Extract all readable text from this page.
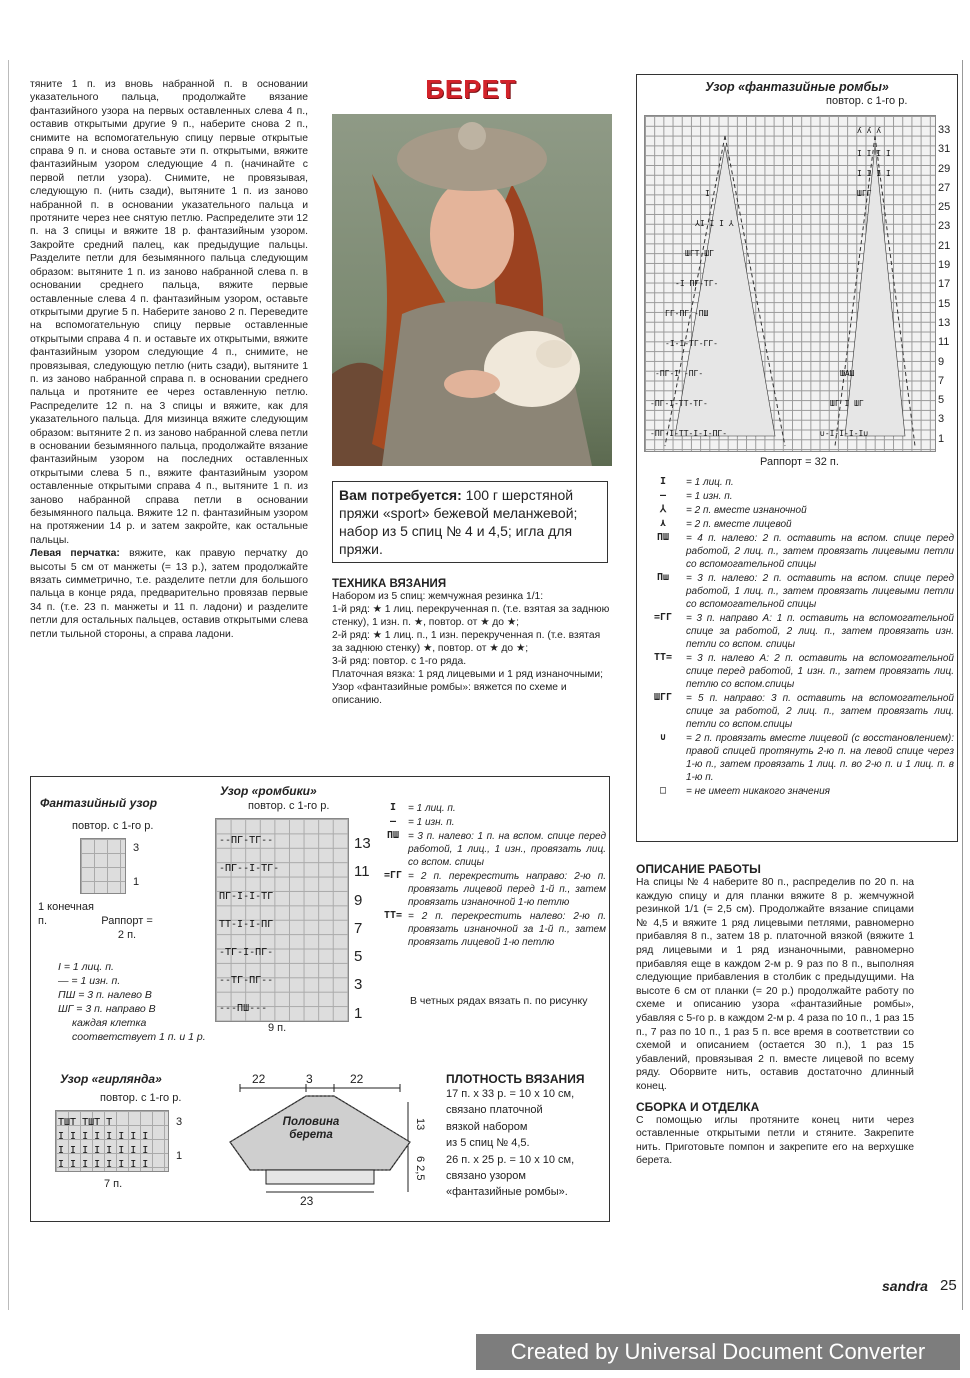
тяните 1 п. из вновь набранной п. в основании указательного пальца, продолжайте вязание фантазийного узора на первых оставленных слева 4 п., оставив открытыми другие 9 п., наберите снова 2 п., снимите на вспомогательную спицу первые открытые справа 9 п. и снова оставьте эти п. открытыми, вяжите фантазийным узором следующие 4 п. (начинайте с первой петли узора). Снимите, не провязывая, следующую п. (нить сзади), вытяните 1 п. из заново набранной п. в основании указательного пальца и протяните через нее снятую петлю. Распределите эти 12 п. на 3 спицы и вяжите 18 р. фантазийным узором. Закройте средний палец, как предыдущие пальцы. Разделите петли для безымянного пальца следующим образом: вытяните 1 п. из заново набранной слева п. в основании среднего пальца, вяжите первые оставленные слева 4 п. фантазийным узором, оставьте открытыми другие 5 п. Наберите заново 2 п. Переведите на вспомогательную спицу первые оставленные открытыми справа 4 п. и оставьте их открытыми, вяжите фантазийным узором следующие 4 п., снимите, не провязывая, следующую петлю (нить сзади), вытяните 1 п. из заново набранной справа п. в основании среднего пальца и протяните ее через оставленную петлю. Распределите 12 п. на 3 спицы и вяжите, как для указательного пальца. Для мизинца вяжите следующим образом: вытяните 2 п. из заново набранной слева петли в основании безымянного пальца, продолжайте вязание фантазийным узором на последних оставленных открытыми слева 5 п., вяжите фантазийным узором оставленные открытыми справа 4 п., вытяните 1 п. из заново набранной справа петли в основании безымянного пальца. Вяжите 12 п. фантазийным узором на протяжении 14 р. и затем закройте, как остальные пальцы.

Левая перчатка: вяжите, как правую перчатку до высоты 5 см от манжеты (= 13 р.), затем продолжайте вязать симметрично, т.е. разделите петли для большого пальца в конце ряда, предварительно провязав первые 34 п. (т.е. 23 п. манжеты и 11 п. ладони) и разделите петли для остальных пальцев, оставив открытыми слева петли тыльной стороны, а справа ладони.

БЕРЕТ
Вам потребуется: 100 г шерстяной пряжи «sport» бежевой меланжевой; набор из 5 спиц № 4 и 4,5; игла для пряжи.
ТЕХНИКА ВЯЗАНИЯ
Набором из 5 спиц: жемчужная резинка 1/1:
1-й ряд: ★ 1 лиц. перекрученная п. (т.е. взятая за заднюю стенку), 1 изн. п. ★, повтор. от ★ до ★;
2-й ряд: ★ 1 лиц. п., 1 изн. перекрученная п. (т.е. взятая за заднюю стенку) ★, повтор. от ★ до ★;
3-й ряд: повтор. с 1-го ряда.
Платочная вязка: 1 ряд лицевыми и 1 ряд изнаночными;
Узор «фантазийные ромбы»: вяжется по схеме и описанию.
Узор «фантазийные ромбы»
повтор. с 1-го р.
ʎ ʎ ʎ
I I I I
I I I I
ШГГ
I
⅄I I I ⅄
ШГТ ШГ
-I ПГ-ТГ-
ГГ-ПГ -ПШ
-I-I-ТГ-ГГ-
-ПГ-I -ПГ-
-ПГ-I-ТТ-ТГ-
-ПГ-I-ТТ-I-I-ПГ-
ШАШ
ШГ I ШГ
∪-I-I-I-I∪
33
31
29
27
25
23
21
19
17
15
13
11
9
7
5
3
1
Раппорт = 32 п.
I	= 1 лиц. п.
—	= 1 изн. п.
⅄	= 2 п. вместе изнаночной
⋏	= 2 п. вместе лицевой
ПШ	= 4 п. налево: 2 п. оставить на вспом. спице перед работой, 2 лиц. п., затем провязать лицевыми петли со вспомогательной спицы
Пш	= 3 п. налево: 2 п. оставить на вспом. спице перед работой, 1 лиц. п., затем провязать лицевыми петли со вспомогательной спицы
=ГГ	= 3 п. направо А: 1 п. оставить на вспомогательной спице за работой, 2 лиц. п., затем провязать изн. петли со вспом. спицы
ТТ=	= 3 п. налево А: 2 п. оставить на вспомогательной спице перед работой, 1 изн. п., затем провязать лиц. петлю со вспом.спицы
ШГГ	= 5 п. направо: 3 п. оставить на вспомогательной спице за работой, 2 лиц. п., затем провязать лиц. петли со вспом.спицы
∪	= 2 п. провязать вместе лицевой (с восстановлением): правой спицей протянуть 2-ю п. на левой спице через 1-ю п., затем провязать 1 лиц. п. во 2-ю п. и 1 лиц. п. в 1-ю п.
□	= не имеет никакого значения
ОПИСАНИЕ РАБОТЫ
На спицы № 4 наберите 80 п., распределив по 20 п. на каждую спицу и для планки вяжите 8 р. жемчужной резинкой 1/1 (= 2,5 см). Продолжайте вязание спицами № 4,5 и вяжите 1 ряд лицевыми петлями, равномерно прибавляя 8 п., затем 18 р. платочной вязкой (вяжите 1 ряд лицевыми и 1 ряд изнаночными, равномерно прибавляя еще в каждом 2-м р. 9 раз по 8 п., выполняя следующие прибавления в столбик с предыдущими. На высоте 6 см от планки (= 20 р.) продолжайте работу по схеме и описанию узора «фантазийные ромбы», убавляя с 5-го р. в каждом 2-м р. 4 раза по 10 п., 1 раз 15 п., 7 раз по 10 п., 1 раз 5 п. все время в соответствии со схемой и описанием (остается 30 п.), 1 раз 15 убавлений, провязывая 2 п. вместе лицевой по всему ряду. Оборвите нить, оставив достаточно длинный конец.
СБОРКА И ОТДЕЛКА
С помощью иглы протяните конец нити через оставленные открытыми петли и стяните. Закрепите нить. Приготовьте помпон и закрепите его на верхушке берета.
Фантазийный узор
повтор. с 1-го р.
3
1
1 конечная п.	Раппорт = 2 п.
I = 1 лиц. п.
— = 1 изн. п.
ПШ = 3 п. налево В
ШГ = 3 п. направо В
каждая клетка соответствует 1 п. и 1 р.
Узор «ромбики»
повтор. с 1-го р.
--ПГ-ТГ--
-ПГ--I-ТГ-
ПГ-I-I-ТГ
ТТ-I-I-ПГ
-ТГ-I-ПГ-
--ТГ-ПГ--
---ПШ---
13
11
9
7
5
3
1
9 п.
I	= 1 лиц. п.
—	= 1 изн. п.
ПШ = 3 п. налево: 1 п. на вспом. спице перед работой, 1 лиц., 1 изн., провязать лиц. со вспом. спицы
=ГГ = 2 п. перекрестить направо: 2-ю п. провязать лицевой перед 1-й п., затем провязать изнаночной 1-ю петлю
ТТ= = 2 п. перекрестить налево: 2-ю п. провязать изнаночной за 1-й п., затем провязать лицевой 1-ю петлю
В четных рядах вязать п. по рисунку
Узор «гирлянда»
повтор. с 1-го р.
ТШТ ТШТ Т
I I I I I I I I
I I I I I I I I
I I I I I I I I
3
1
7 п.
22	3	22
Половина берета
13
6 2,5
23
ПЛОТНОСТЬ ВЯЗАНИЯ
17 п. х 33 р. = 10 х 10 см,
связано платочной
вязкой набором
из 5 спиц № 4,5.
26 п. х 25 р. = 10 х 10 см,
связано узором
«фантазийные ромбы».
sandra 25
Created by Universal Document Converter
